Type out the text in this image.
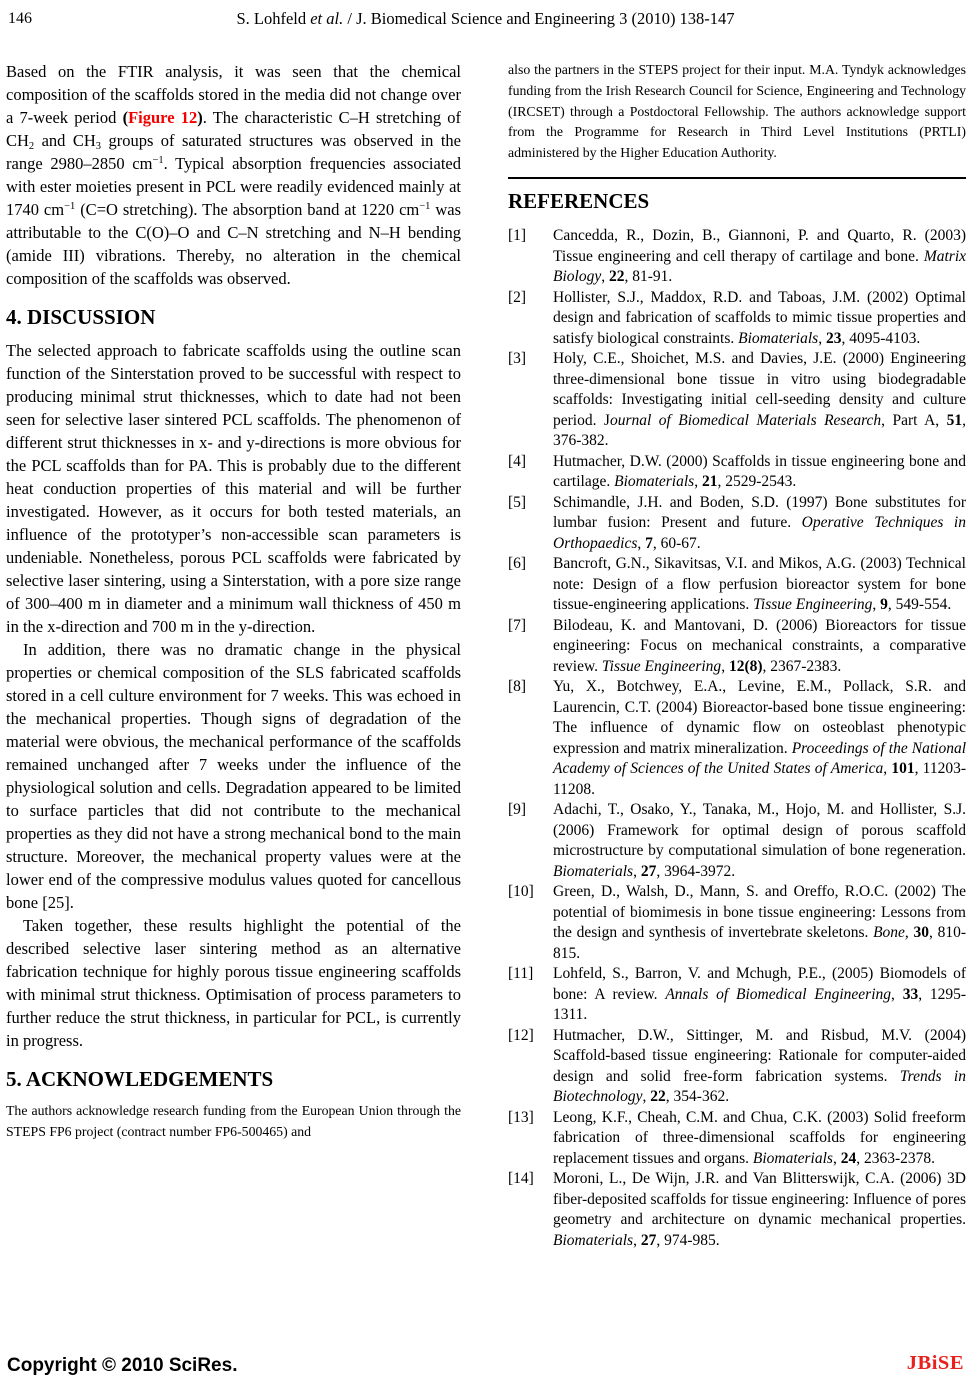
146	S. Lohfeld et al. / J. Biomedical Science and Engineering 3 (2010) 138-147

Based on the FTIR analysis, it was seen that the chemical composition of the scaffolds stored in the media did not change over a 7-week period (Figure 12). The characteristic C–H stretching of $CH_2$ and $CH_3$ groups of saturated structures was observed in the range 2980–2850 $cm^{-1}$. Typical absorption frequencies associated with ester moieties present in PCL were readily evidenced mainly at 1740 $cm^{-1}$ (C=O stretching). The absorption band at 1220 $cm^{-1}$ was attributable to the C(O)–O and C–N stretching and N–H bending (amide III) vibrations. Thereby, no alteration in the chemical composition of the scaffolds was observed.

4. DISCUSSION

The selected approach to fabricate scaffolds using the outline scan function of the Sinterstation proved to be successful with respect to producing minimal strut thicknesses, which to date had not been seen for selective laser sintered PCL scaffolds. The phenomenon of different strut thicknesses in x- and y-directions is more obvious for the PCL scaffolds than for PA. This is probably due to the different heat conduction properties of this material and will be further investigated. However, as it occurs for both tested materials, an influence of the prototyper’s non-accessible scan parameters is undeniable. Nonetheless, porous PCL scaffolds were fabricated by selective laser sintering, using a Sinterstation, with a pore size range of 300–400 m in diameter and a minimum wall thickness of 450 m in the x-direction and 700 m in the y-direction.

In addition, there was no dramatic change in the physical properties or chemical composition of the SLS fabricated scaffolds stored in a cell culture environment for 7 weeks. This was echoed in the mechanical properties. Though signs of degradation of the material were obvious, the mechanical performance of the scaffolds remained unchanged after 7 weeks under the influence of the physiological solution and cells. Degradation appeared to be limited to surface particles that did not contribute to the mechanical properties as they did not have a strong mechanical bond to the main structure. Moreover, the mechanical property values were at the lower end of the compressive modulus values quoted for cancellous bone [25].

Taken together, these results highlight the potential of the described selective laser sintering method as an alternative fabrication technique for highly porous tissue engineering scaffolds with minimal strut thickness. Optimisation of process parameters to further reduce the strut thickness, in particular for PCL, is currently in progress.

5. ACKNOWLEDGEMENTS

The authors acknowledge research funding from the European Union through the STEPS FP6 project (contract number FP6-500465) and

also the partners in the STEPS project for their input. M.A. Tyndyk acknowledges funding from the Irish Research Council for Science, Engineering and Technology (IRCSET) through a Postdoctoral Fellowship. The authors acknowledge support from the Programme for Research in Third Level Institutions (PRTLI) administered by the Higher Education Authority.

REFERENCES

[1] Cancedda, R., Dozin, B., Giannoni, P. and Quarto, R. (2003) Tissue engineering and cell therapy of cartilage and bone. Matrix Biology, 22, 81-91.

[2] Hollister, S.J., Maddox, R.D. and Taboas, J.M. (2002) Optimal design and fabrication of scaffolds to mimic tissue properties and satisfy biological constraints. Biomaterials, 23, 4095-4103.

[3] Holy, C.E., Shoichet, M.S. and Davies, J.E. (2000) Engineering three-dimensional bone tissue in vitro using biodegradable scaffolds: Investigating initial cell-seeding density and culture period. Journal of Biomedical Materials Research, Part A, 51, 376-382.

[4] Hutmacher, D.W. (2000) Scaffolds in tissue engineering bone and cartilage. Biomaterials, 21, 2529-2543.

[5] Schimandle, J.H. and Boden, S.D. (1997) Bone substitutes for lumbar fusion: Present and future. Operative Techniques in Orthopaedics, 7, 60-67.

[6] Bancroft, G.N., Sikavitsas, V.I. and Mikos, A.G. (2003) Technical note: Design of a flow perfusion bioreactor system for bone tissue-engineering applications. Tissue Engineering, 9, 549-554.

[7] Bilodeau, K. and Mantovani, D. (2006) Bioreactors for tissue engineering: Focus on mechanical constraints, a comparative review. Tissue Engineering, 12(8), 2367-2383.

[8] Yu, X., Botchwey, E.A., Levine, E.M., Pollack, S.R. and Laurencin, C.T. (2004) Bioreactor-based bone tissue engineering: The influence of dynamic flow on osteoblast phenotypic expression and matrix mineralization. Proceedings of the National Academy of Sciences of the United States of America, 101, 11203-11208.

[9] Adachi, T., Osako, Y., Tanaka, M., Hojo, M. and Hollister, S.J. (2006) Framework for optimal design of porous scaffold microstructure by computational simulation of bone regeneration. Biomaterials, 27, 3964-3972.

[10] Green, D., Walsh, D., Mann, S. and Oreffo, R.O.C. (2002) The potential of biomimesis in bone tissue engineering: Lessons from the design and synthesis of invertebrate skeletons. Bone, 30, 810-815.

[11] Lohfeld, S., Barron, V. and Mchugh, P.E., (2005) Biomodels of bone: A review. Annals of Biomedical Engineering, 33, 1295-1311.

[12] Hutmacher, D.W., Sittinger, M. and Risbud, M.V. (2004) Scaffold-based tissue engineering: Rationale for computer-aided design and solid free-form fabrication systems. Trends in Biotechnology, 22, 354-362.

[13] Leong, K.F., Cheah, C.M. and Chua, C.K. (2003) Solid freeform fabrication of three-dimensional scaffolds for engineering replacement tissues and organs. Biomaterials, 24, 2363-2378.

[14] Moroni, L., De Wijn, J.R. and Van Blitterswijk, C.A. (2006) 3D fiber-deposited scaffolds for tissue engineering: Influence of pores geometry and architecture on dynamic mechanical properties. Biomaterials, 27, 974-985.

Copyright © 2010 SciRes.	JBiSE
